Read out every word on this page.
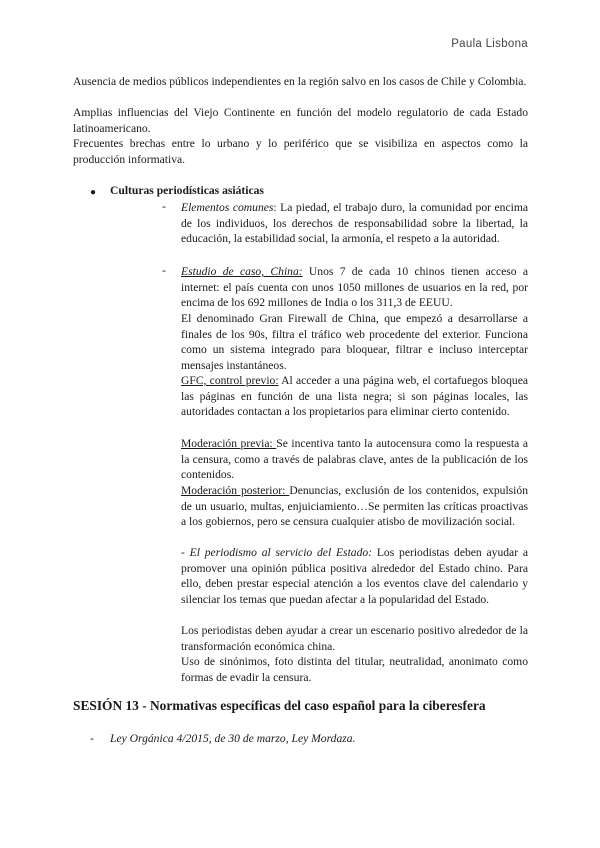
Paula Lisbona
Ausencia de medios públicos independientes en la región salvo en los casos de Chile y Colombia.
Amplias influencias del Viejo Continente en función del modelo regulatorio de cada Estado latinoamericano.
Frecuentes brechas entre lo urbano y lo periférico que se visibiliza en aspectos como la producción informativa.
● Culturas periodísticas asiáticas
- Elementos comunes: La piedad, el trabajo duro, la comunidad por encima de los individuos, los derechos de responsabilidad sobre la libertad, la educación, la estabilidad social, la armonía, el respeto a la autoridad.
- Estudio de caso, China: Unos 7 de cada 10 chinos tienen acceso a internet: el país cuenta con unos 1050 millones de usuarios en la red, por encima de los 692 millones de India o los 311,3 de EEUU.
El denominado Gran Firewall de China, que empezó a desarrollarse a finales de los 90s, filtra el tráfico web procedente del exterior. Funciona como un sistema integrado para bloquear, filtrar e incluso interceptar mensajes instantáneos.
GFC, control previo: Al acceder a una página web, el cortafuegos bloquea las páginas en función de una lista negra; si son páginas locales, las autoridades contactan a los propietarios para eliminar cierto contenido.
Moderación previa: Se incentiva tanto la autocensura como la respuesta a la censura, como a través de palabras clave, antes de la publicación de los contenidos.
Moderación posterior: Denuncias, exclusión de los contenidos, expulsión de un usuario, multas, enjuiciamiento…Se permiten las críticas proactivas a los gobiernos, pero se censura cualquier atisbo de movilización social.
- El periodismo al servicio del Estado: Los periodistas deben ayudar a promover una opinión pública positiva alrededor del Estado chino. Para ello, deben prestar especial atención a los eventos clave del calendario y silenciar los temas que puedan afectar a la popularidad del Estado.
Los periodistas deben ayudar a crear un escenario positivo alrededor de la transformación económica china.
Uso de sinónimos, foto distinta del titular, neutralidad, anonimato como formas de evadir la censura.
SESIÓN 13 - Normativas específicas del caso español para la ciberesfera
- Ley Orgánica 4/2015, de 30 de marzo, Ley Mordaza.
